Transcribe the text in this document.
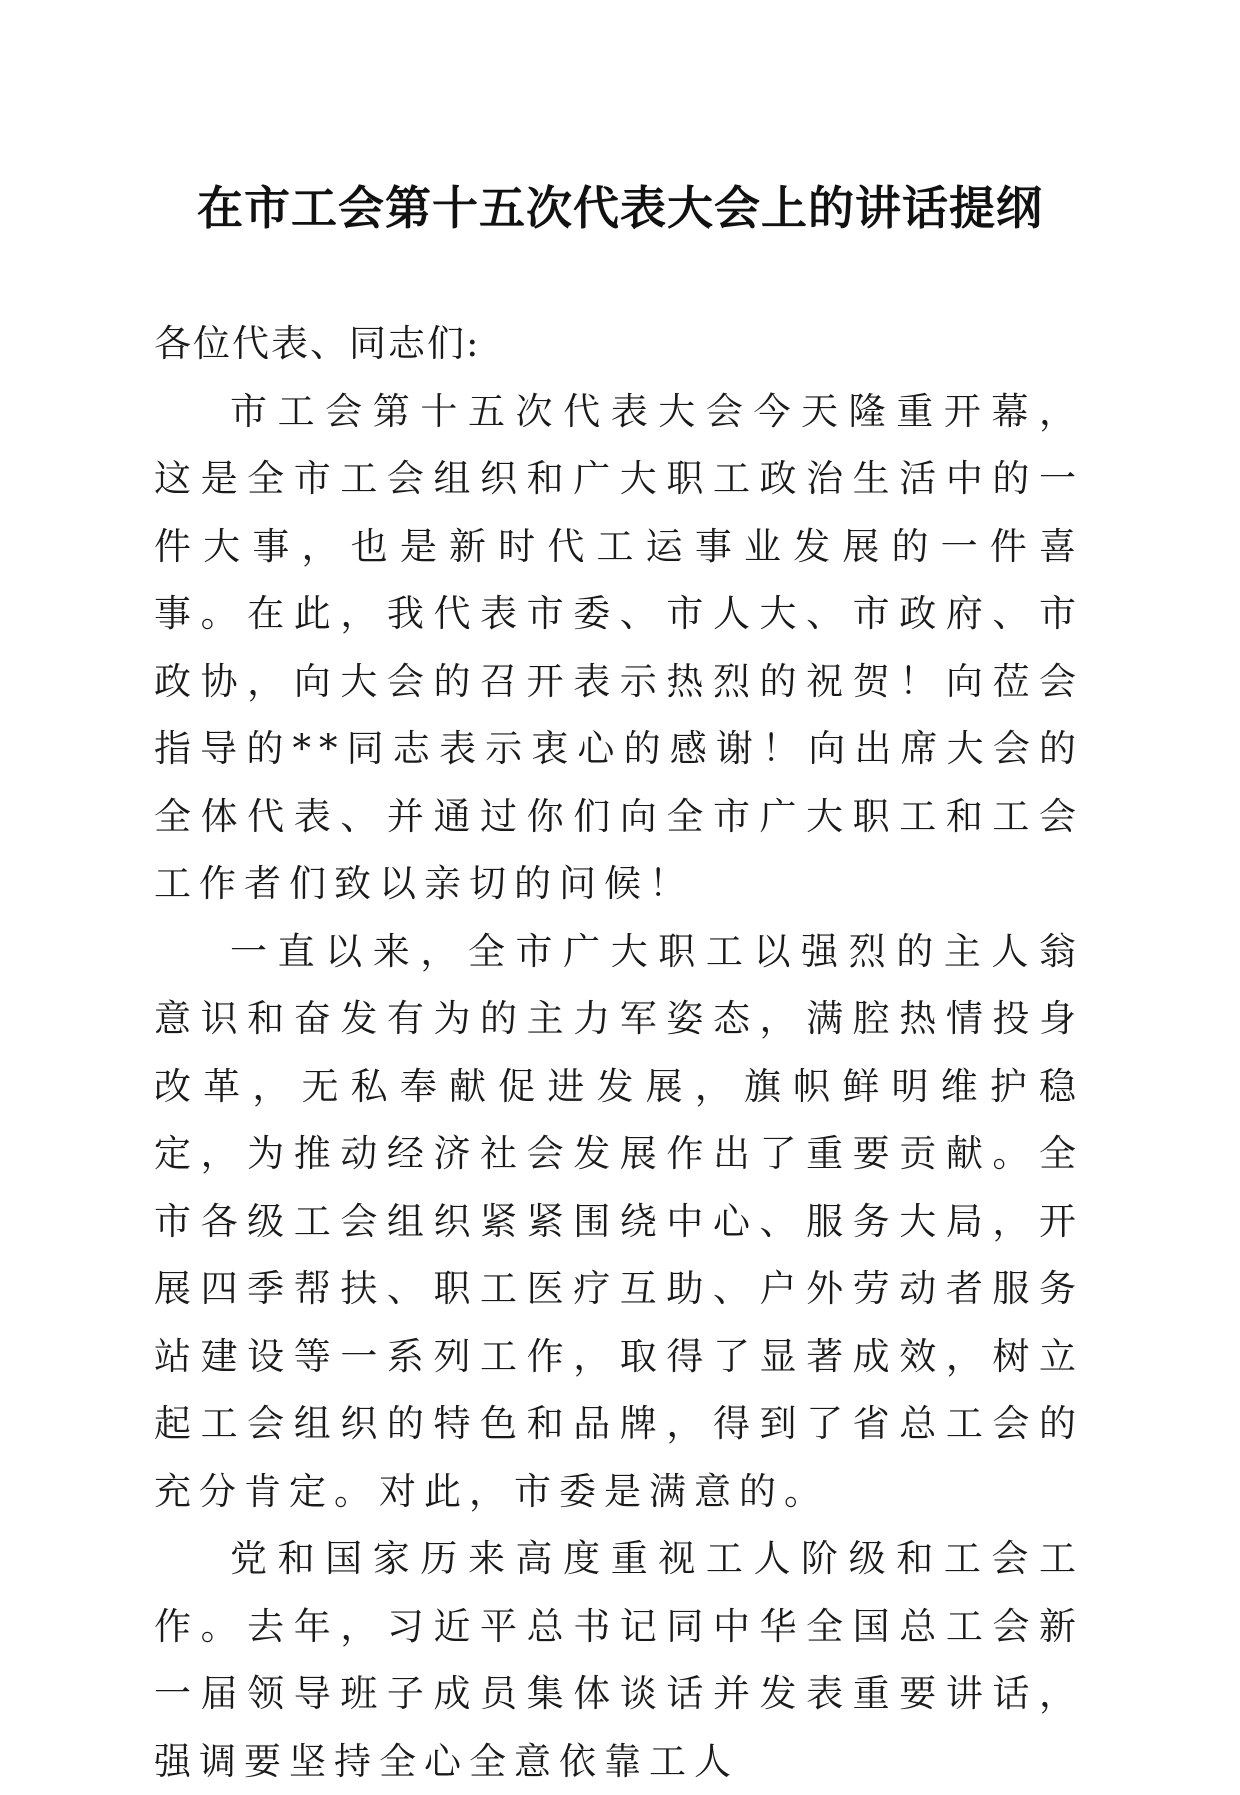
在市工会第十五次代表大会上的讲话提纲

各位代表、同志们:

市工会第十五次代表大会今天隆重开幕，这是全市工会组织和广大职工政治生活中的一件大事，也是新时代工运事业发展的一件喜事。在此，我代表市委、市人大、市政府、市政协，向大会的召开表示热烈的祝贺！向莅会指导的**同志表示衷心的感谢！向出席大会的全体代表、并通过你们向全市广大职工和工会工作者们致以亲切的问候！

一直以来，全市广大职工以强烈的主人翁意识和奋发有为的主力军姿态，满腔热情投身改革，无私奉献促进发展，旗帜鲜明维护稳定，为推动经济社会发展作出了重要贡献。全市各级工会组织紧紧围绕中心、服务大局，开展四季帮扶、职工医疗互助、户外劳动者服务站建设等一系列工作，取得了显著成效，树立起工会组织的特色和品牌，得到了省总工会的充分肯定。对此，市委是满意的。

党和国家历来高度重视工人阶级和工会工作。去年，习近平总书记同中华全国总工会新一届领导班子成员集体谈话并发表重要讲话，强调要坚持全心全意依靠工人
